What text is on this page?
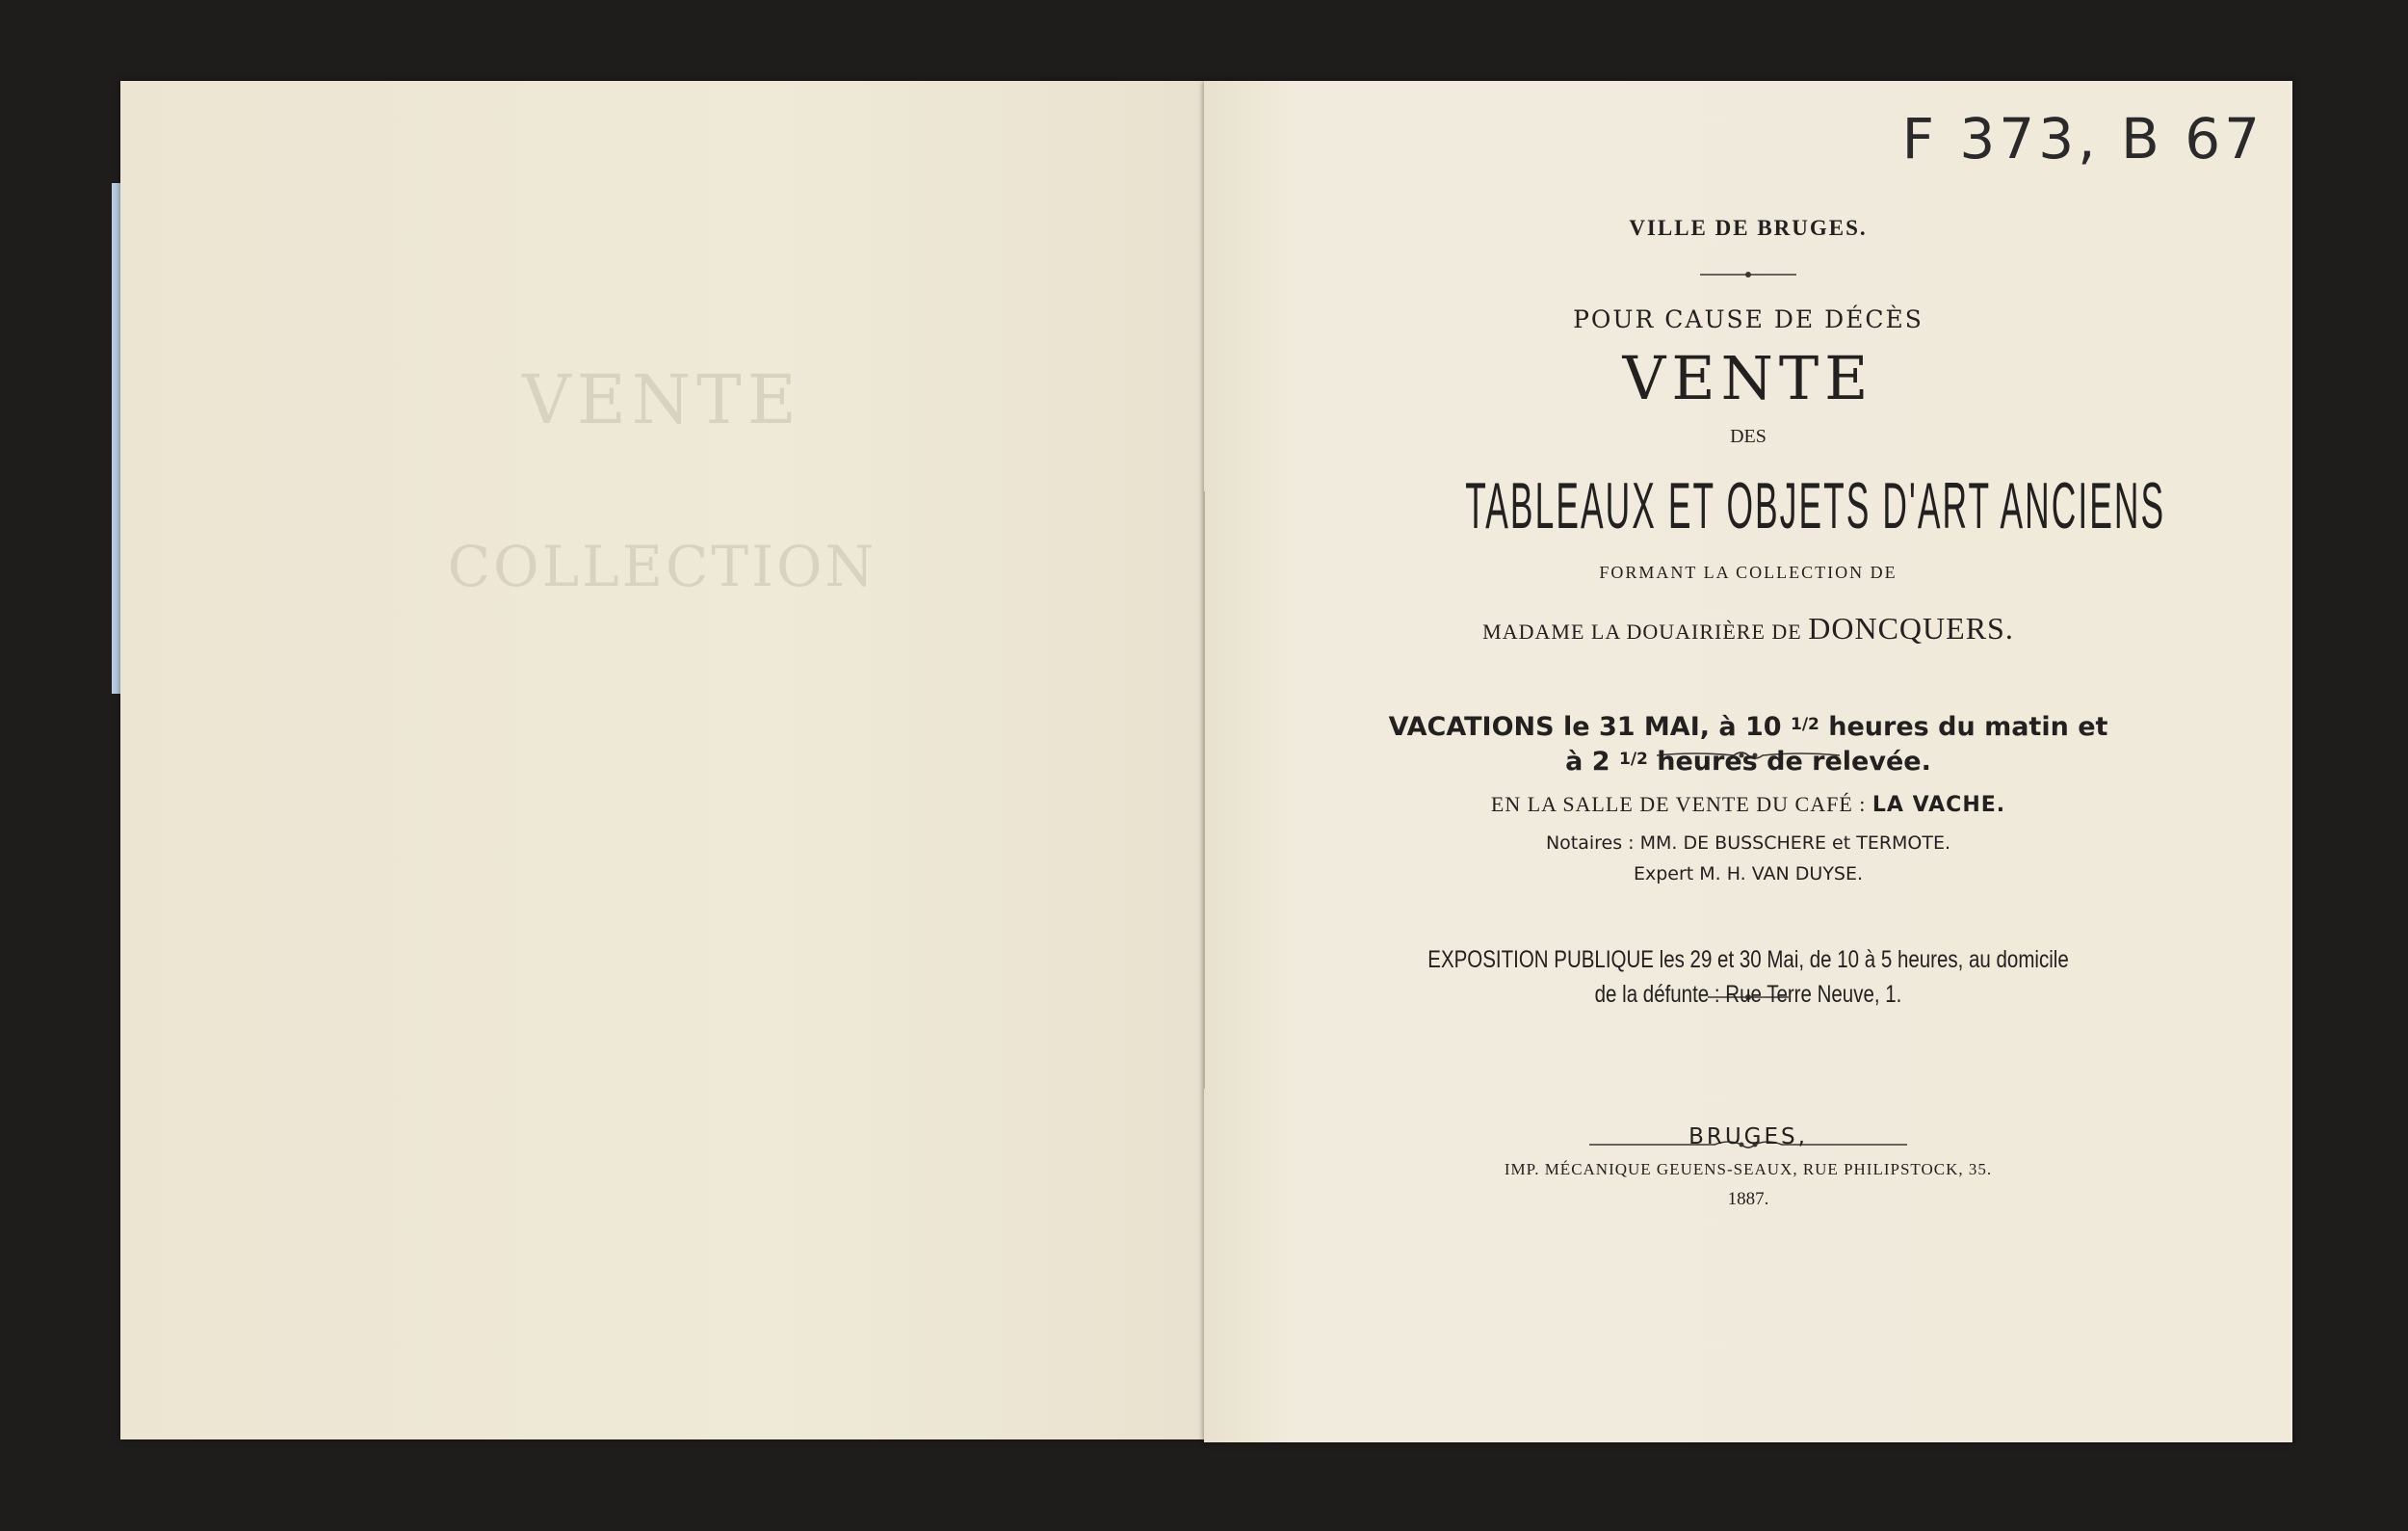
VENTE
COLLECTION
F 373, B 67
VILLE DE BRUGES.
POUR CAUSE DE DÉCÈS
VENTE
DES
TABLEAUX ET OBJETS D'ART ANCIENS
FORMANT LA COLLECTION DE
MADAME LA DOUAIRIÈRE DE DONCQUERS.
VACATIONS le 31 MAI, à 10 $^{1/2}$ heures du matin et
à 2 $^{1/2}$ heures de relevée.
EN LA SALLE DE VENTE DU CAFÉ : LA VACHE.
Notaires : MM. DE BUSSCHERE et TERMOTE.
Expert M. H. VAN DUYSE.
EXPOSITION PUBLIQUE les 29 et 30 Mai, de 10 à 5 heures, au domicile
de la défunte : Rue Terre Neuve, 1.
BRUGES,
IMP. MÉCANIQUE GEUENS-SEAUX, RUE PHILIPSTOCK, 35.
1887.
